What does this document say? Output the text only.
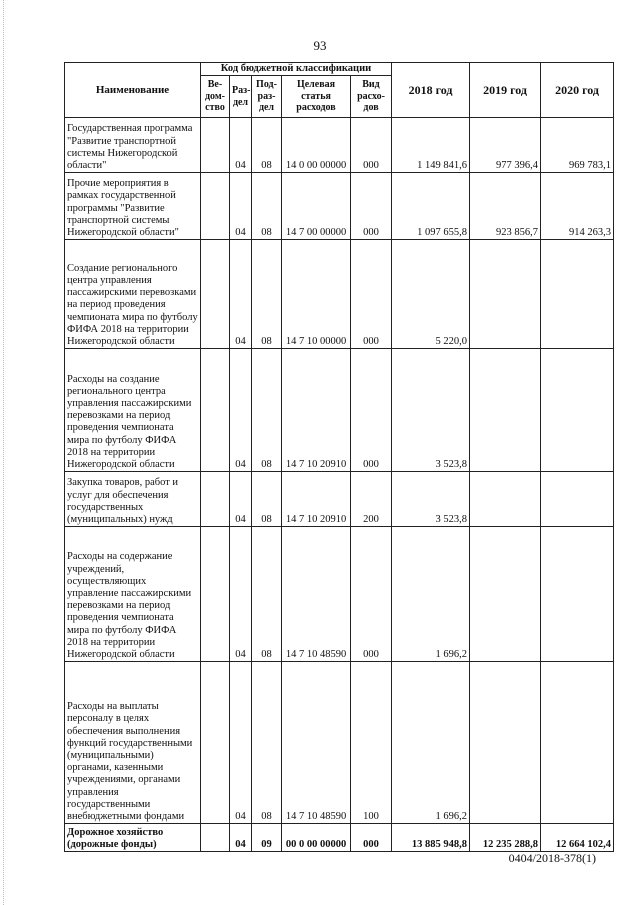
93
Наименование	Код бюджетной классификации					2018 год	2019 год	2020 год
	Ве-дом-ство	Раз-дел	Под-раз-дел	Целевая статья расходов	Вид расхо-дов			
Государственная программа "Развитие транспортной системы Нижегородской области"		04	08	14 0 00 00000	000	1 149 841,6	977 396,4	969 783,1
Прочие мероприятия в рамках государственной программы "Развитие транспортной системы Нижегородской области"		04	08	14 7 00 00000	000	1 097 655,8	923 856,7	914 263,3
Создание регионального центра управления пассажирскими перевозками на период проведения чемпионата мира по футболу ФИФА 2018 на территории Нижегородской области		04	08	14 7 10 00000	000	5 220,0		
Расходы на создание регионального центра управления пассажирскими перевозками на период проведения чемпионата мира по футболу ФИФА 2018 на территории Нижегородской области		04	08	14 7 10 20910	000	3 523,8		
Закупка товаров, работ и услуг для обеспечения государственных (муниципальных) нужд		04	08	14 7 10 20910	200	3 523,8		
Расходы на содержание учреждений, осуществляющих управление пассажирскими перевозками на период проведения чемпионата мира по футболу ФИФА 2018 на территории Нижегородской области		04	08	14 7 10 48590	000	1 696,2		
Расходы на выплаты персоналу в целях обеспечения выполнения функций государственными (муниципальными) органами, казенными учреждениями, органами управления государственными внебюджетными фондами		04	08	14 7 10 48590	100	1 696,2		
Дорожное хозяйство (дорожные фонды)		04	09	00 0 00 00000	000	13 885 948,8	12 235 288,8	12 664 102,4
0404/2018-378(1)
